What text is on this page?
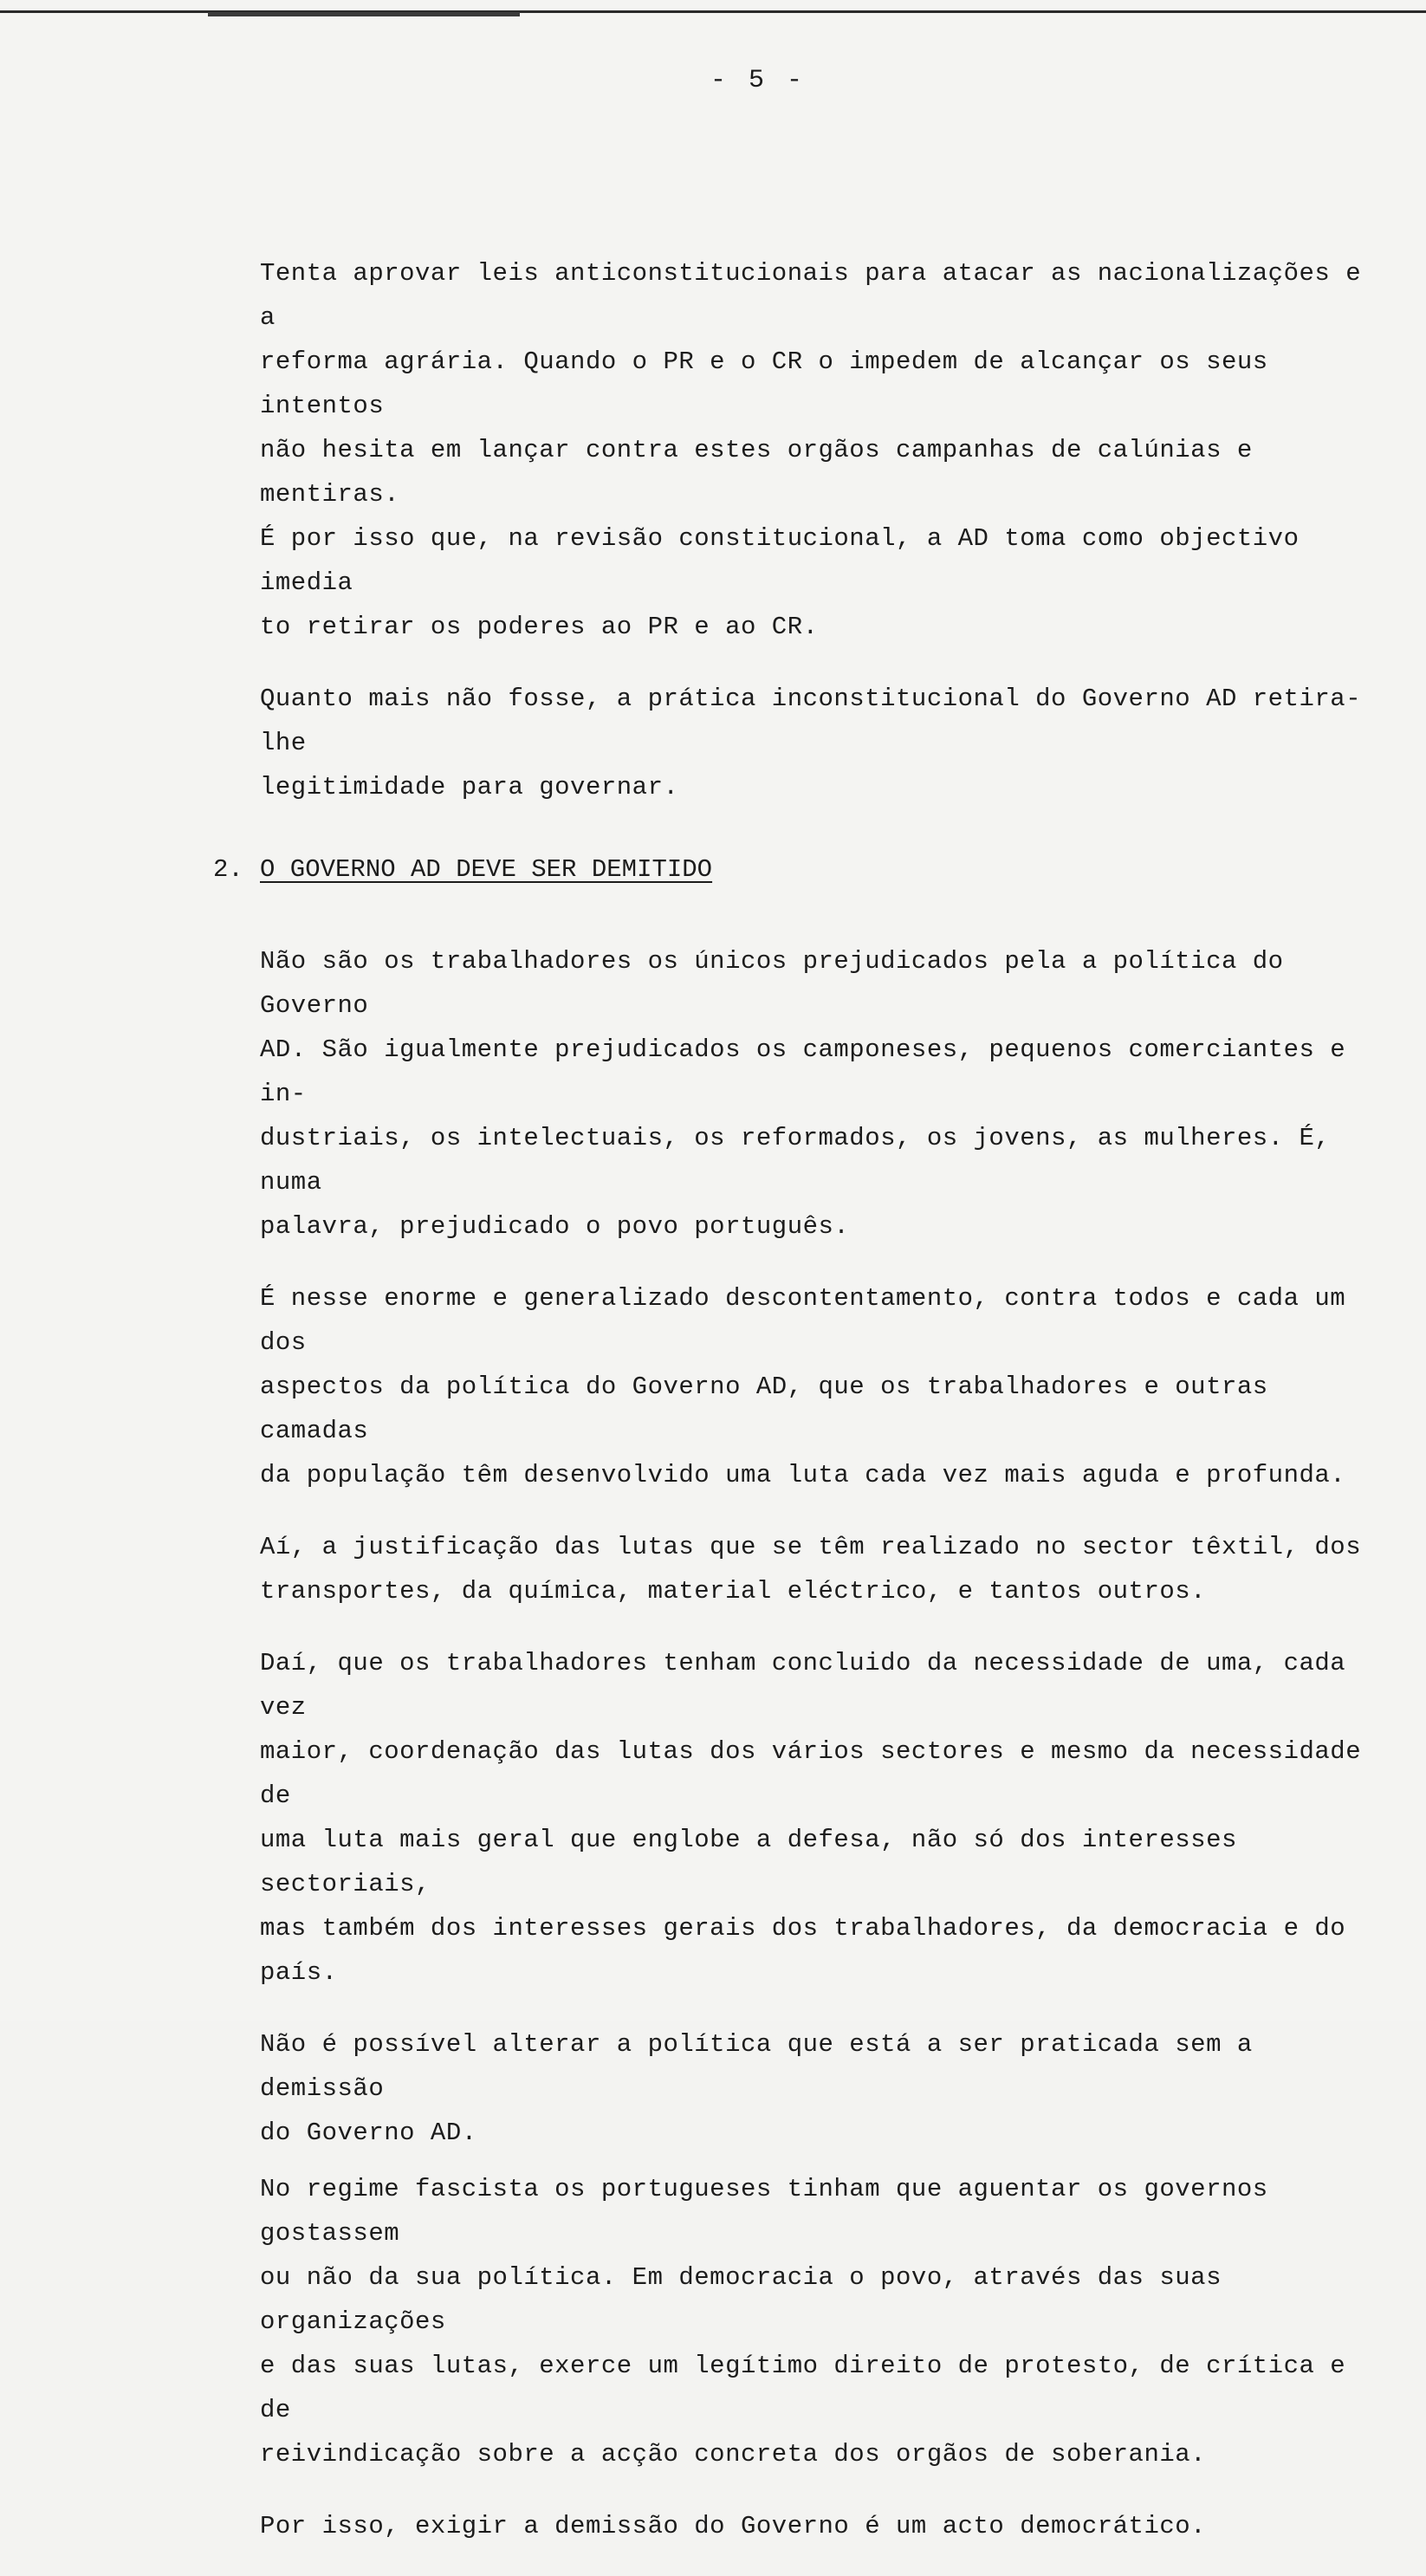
- 5 -

Tenta aprovar leis anticonstitucionais para atacar as nacionalizações e a
reforma agrária. Quando o PR e o CR o impedem de alcançar os seus intentos
não hesita em lançar contra estes orgãos campanhas de calúnias e mentiras.
É por isso que, na revisão constitucional, a AD toma como objectivo imedia
to retirar os poderes ao PR e ao CR.

Quanto mais não fosse, a prática inconstitucional do Governo AD retira-lhe
legitimidade para governar.

2. O GOVERNO AD DEVE SER DEMITIDO

Não são os trabalhadores os únicos prejudicados pela a política do Governo
AD. São igualmente prejudicados os camponeses, pequenos comerciantes e in-
dustriais, os intelectuais, os reformados, os jovens, as mulheres. É, numa
palavra, prejudicado o povo português.

É nesse enorme e generalizado descontentamento, contra todos e cada um dos
aspectos da política do Governo AD, que os trabalhadores e outras camadas
da população têm desenvolvido uma luta cada vez mais aguda e profunda.

Aí, a justificação das lutas que se têm realizado no sector têxtil, dos
transportes, da química, material eléctrico, e tantos outros.

Daí, que os trabalhadores tenham concluido da necessidade de uma, cada vez
maior, coordenação das lutas dos vários sectores e mesmo da necessidade de
uma luta mais geral que englobe a defesa, não só dos interesses sectoriais,
mas também dos interesses gerais dos trabalhadores, da democracia e do país.

Não é possível alterar a política que está a ser praticada sem a demissão
do Governo AD.

No regime fascista os portugueses tinham que aguentar os governos gostassem
ou não da sua política. Em democracia o povo, através das suas organizações
e das suas lutas, exerce um legítimo direito de protesto, de crítica e de
reivindicação sobre a acção concreta dos orgãos de soberania.

Por isso, exigir a demissão do Governo é um acto democrático.
